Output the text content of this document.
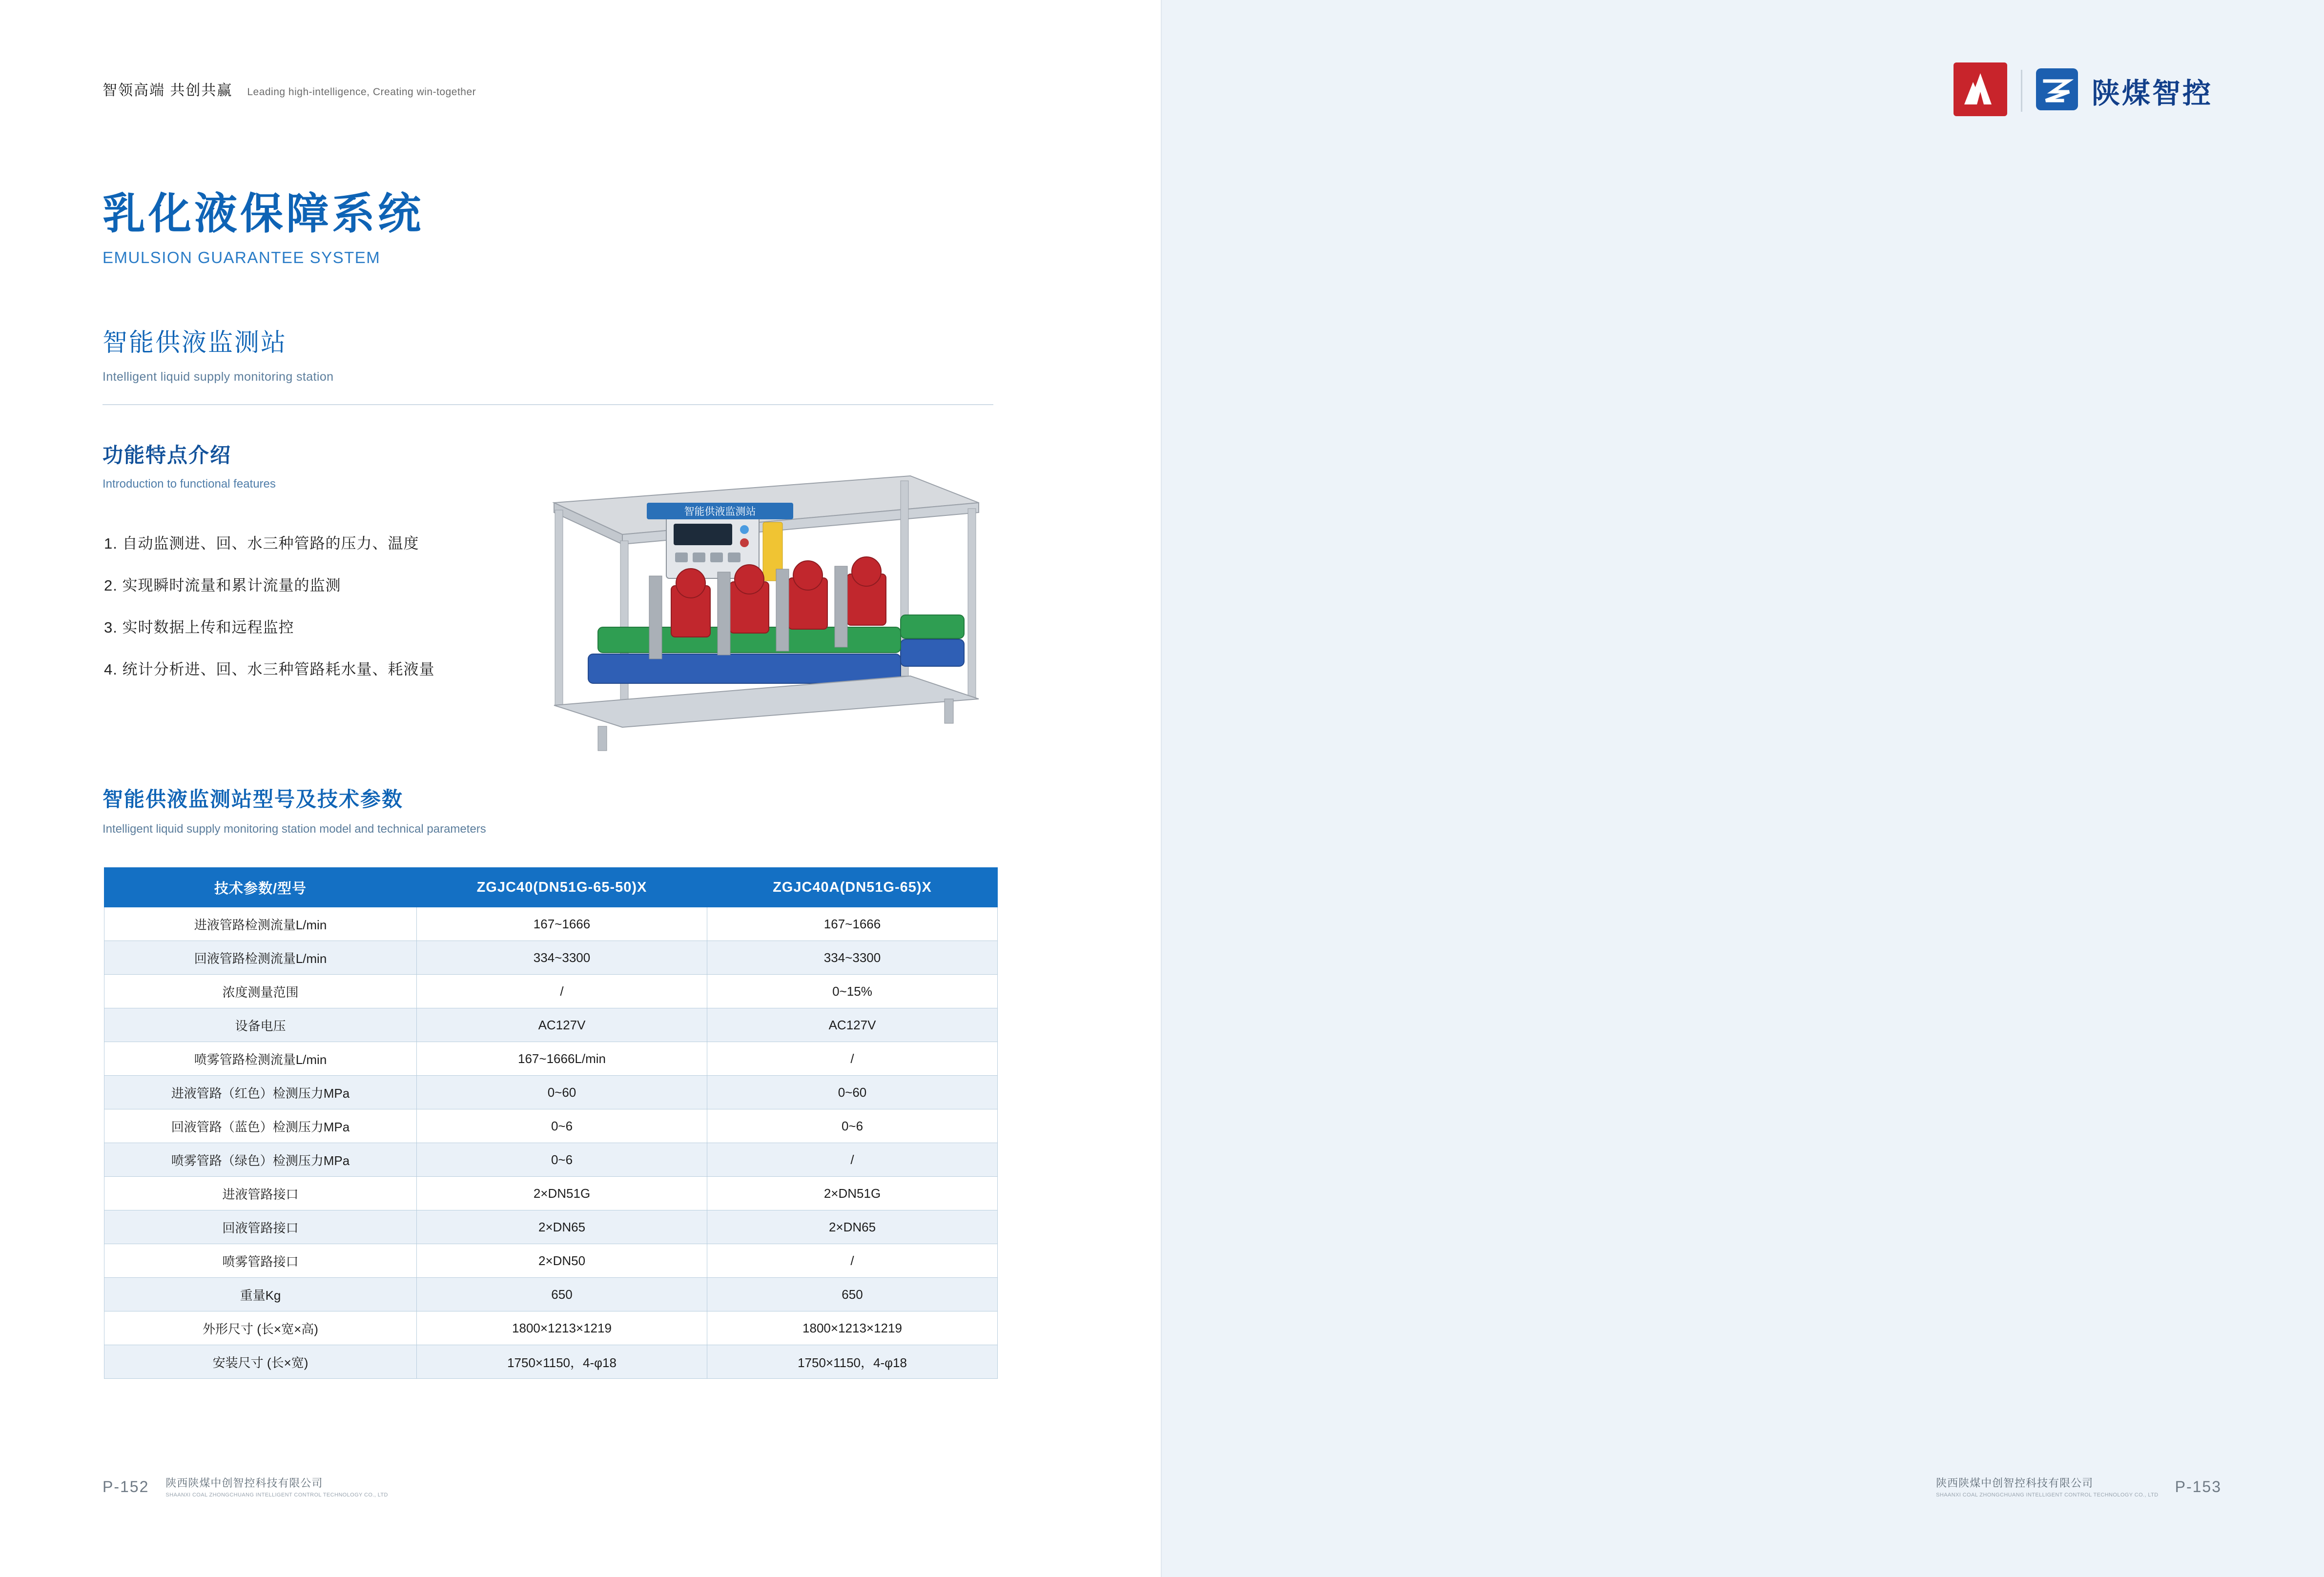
智领高端 共创共赢 Leading high-intelligence, Creating win-together
乳化液保障系统
EMULSION GUARANTEE SYSTEM
智能供液监测站
Intelligent liquid supply monitoring station
功能特点介绍
Introduction to functional features
1. 自动监测进、回、水三种管路的压力、温度
2. 实现瞬时流量和累计流量的监测
3. 实时数据上传和远程监控
4. 统计分析进、回、水三种管路耗水量、耗液量
智能供液监测站
智能供液监测站型号及技术参数
Intelligent liquid supply monitoring station model and technical parameters
技术参数/型号	ZGJC40(DN51G-65-50)X	ZGJC40A(DN51G-65)X
进液管路检测流量L/min	167~1666	167~1666
回液管路检测流量L/min	334~3300	334~3300
浓度测量范围	/	0~15%
设备电压	AC127V	AC127V
喷雾管路检测流量L/min	167~1666L/min	/
进液管路（红色）检测压力MPa	0~60	0~60
回液管路（蓝色）检测压力MPa	0~6	0~6
喷雾管路（绿色）检测压力MPa	0~6	/
进液管路接口	2×DN51G	2×DN51G
回液管路接口	2×DN65	2×DN65
喷雾管路接口	2×DN50	/
重量Kg	650	650
外形尺寸 (长×宽×高)	1800×1213×1219	1800×1213×1219
安装尺寸 (长×宽)	1750×1150，4-φ18	1750×1150，4-φ18
P-152 陕西陕煤中创智控科技有限公司
SHAANXI COAL ZHONGCHUANG INTELLIGENT CONTROL TECHNOLOGY CO., LTD
陕煤智控
陕西陕煤中创智控科技有限公司
SHAANXI COAL ZHONGCHUANG INTELLIGENT CONTROL TECHNOLOGY CO., LTD P-153
